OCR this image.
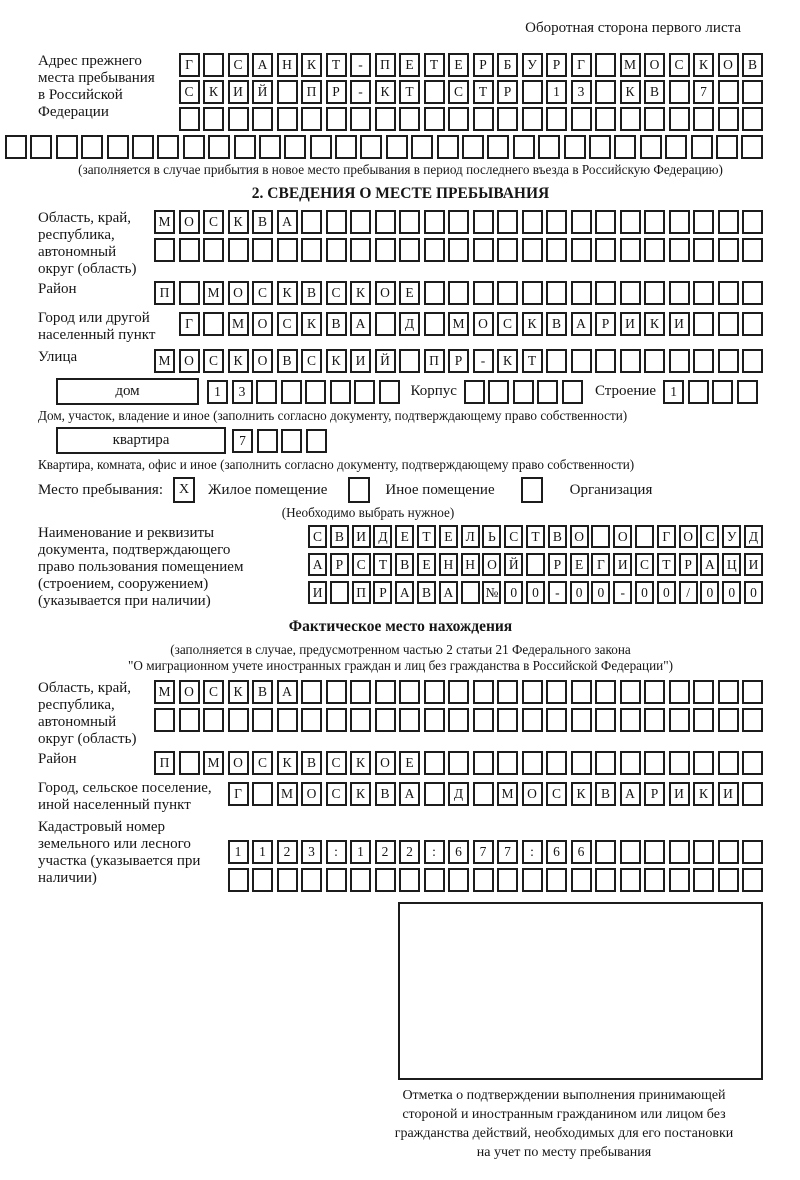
Оборотная сторона первого листа
Адрес прежнего места пребывания в Российской Федерации
Г	С	А	Н	К	Т	-	П	Е	Т	Е	Р	Б	У	Р	Г	М	О	С	К	О	В
С	К	И	Й	П	Р	-	К	Т	С	Т	Р	1	3	К	В	7
(заполняется в случае прибытия в новое место пребывания в период последнего въезда в Российскую Федерацию)
2. СВЕДЕНИЯ О МЕСТЕ ПРЕБЫВАНИЯ
Область, край, республика, автономный округ (область)
М	О	С	К	В	А
Район	П	М	О	С	К	В	С	К	О	Е
Город или другой населенный пункт
Г	М	О	С	К	В	А	Д	М	О	С	К	В	А	Р	И	К	И
Улица	М	О	С	К	О	В	С	К	И	Й	П	Р	-	К	Т
дом	1	3	Корпус	Строение	1
Дом, участок, владение и иное (заполнить согласно документу, подтверждающему право собственности)
квартира	7
Квартира, комната, офис и иное (заполнить согласно документу, подтверждающему право собственности)
Место пребывания:	X	Жилое помещение	Иное помещение	Организация
(Необходимо выбрать нужное)
Наименование и реквизиты документа, подтверждающего право пользования помещением (строением, сооружением) (указывается при наличии)
С В И Д Е	Т	Е Л Ь С Т В О	О	Г О С У Д
А Р	С Т В Е Н Н О Й	Р	Е	Г И С Т	Р А Ц И
И	П Р А В А	№ 0	0	-	0	0	-	0	0	/	0	0	0
Фактическое место нахождения
(заполняется в случае, предусмотренном частью 2 статьи 21 Федерального закона
"О миграционном учете иностранных граждан и лиц без гражданства в Российской Федерации")
Область, край, республика, автономный округ (область)
М	О	С	К	В	А
Район	П	М	О	С	К	В	С	К	О	Е
Город, сельское поселение, иной населенный пункт
Г	М	О	С	К	В	А	Д	М	О	С	К	В	А	Р	И	К	И
Кадастровый номер земельного или лесного участка (указывается при наличии)
1	1	2	3	:	1	2	2	:	6	7	7	:	6	6
Отметка о подтверждении выполнения принимающей
стороной и иностранным гражданином или лицом без
гражданства действий, необходимых для его постановки
на учет по месту пребывания
